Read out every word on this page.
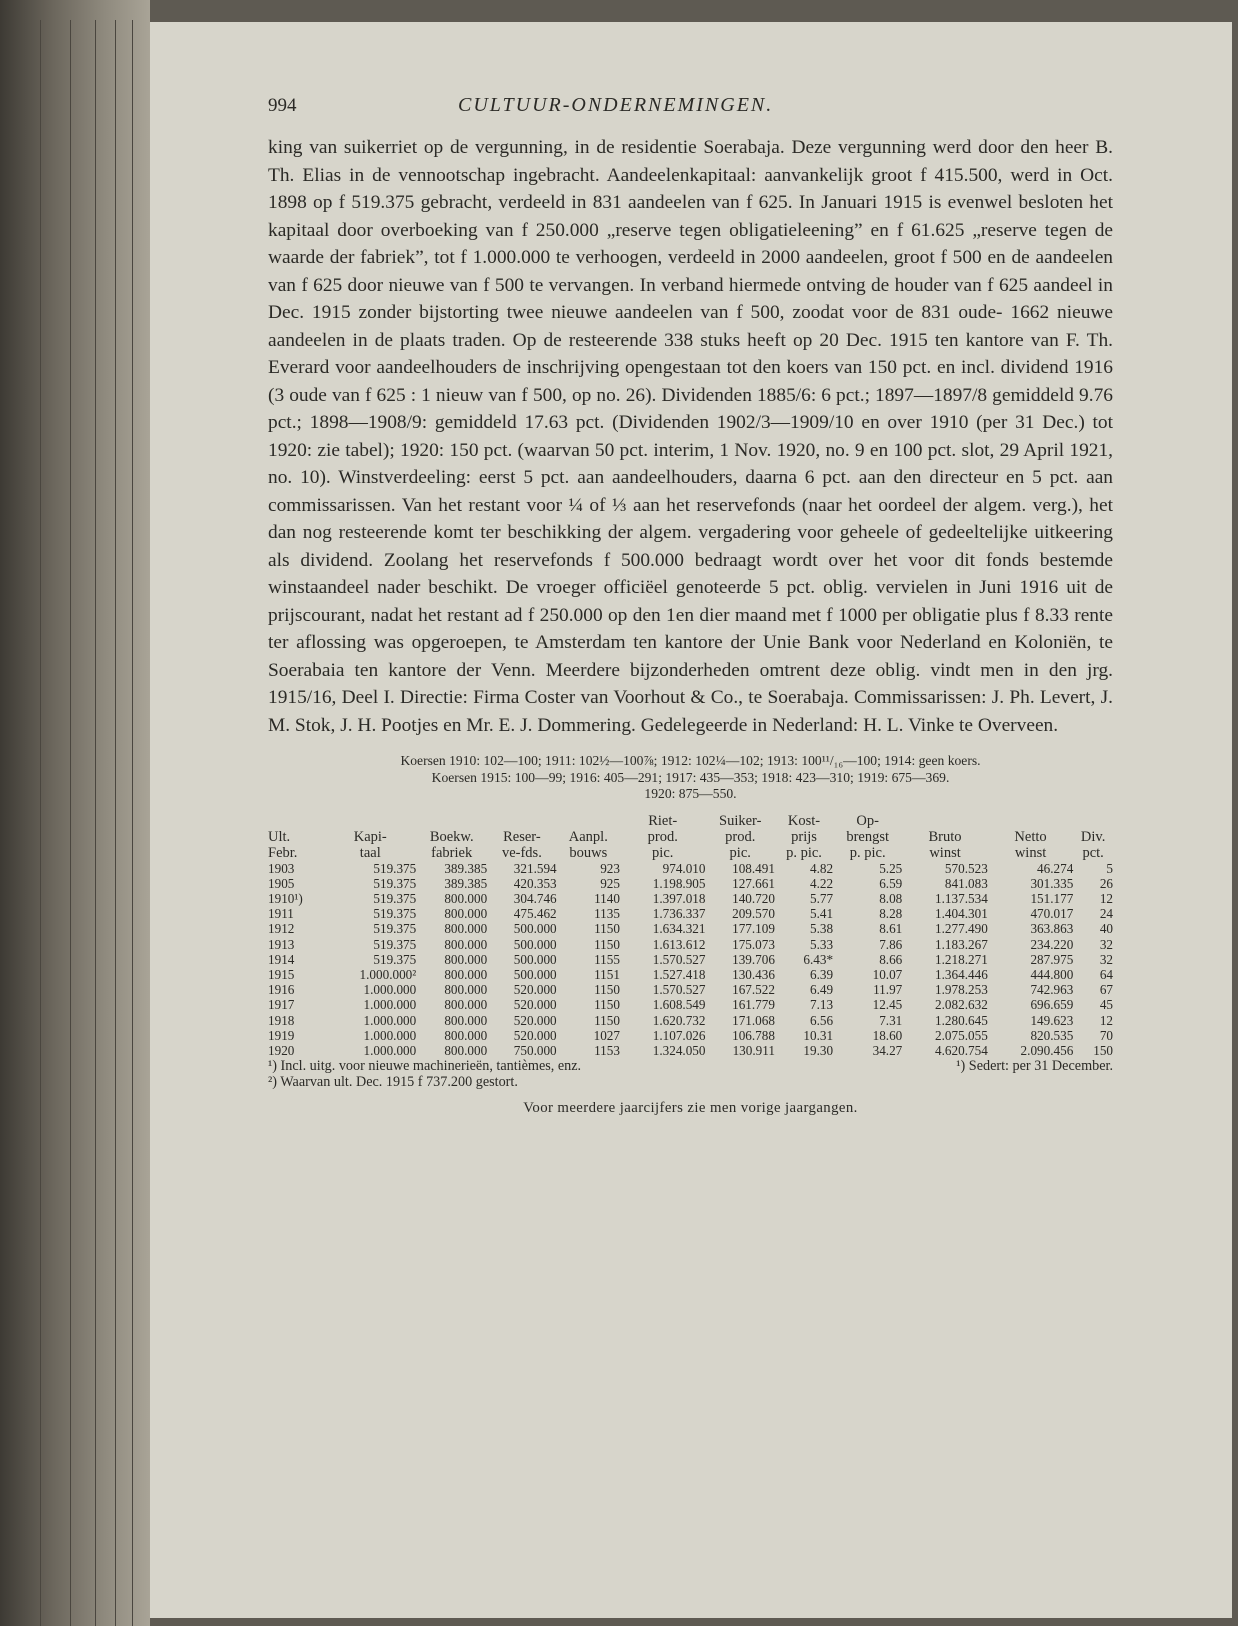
994	CULTUUR-ONDERNEMINGEN.

king van suikerriet op de vergunning, in de residentie Soerabaja. Deze vergunning werd door den heer B. Th. Elias in de vennootschap ingebracht. Aandeelenkapitaal: aanvankelijk groot f 415.500, werd in Oct. 1898 op f 519.375 gebracht, verdeeld in 831 aandeelen van f 625. In Januari 1915 is evenwel besloten het kapitaal door overboeking van f 250.000 „reserve tegen obligatieleening” en f 61.625 „reserve tegen de waarde der fabriek”, tot f 1.000.000 te verhoogen, verdeeld in 2000 aandeelen, groot f 500 en de aandeelen van f 625 door nieuwe van f 500 te vervangen. In verband hiermede ontving de houder van f 625 aandeel in Dec. 1915 zonder bijstorting twee nieuwe aandeelen van f 500, zoodat voor de 831 oude- 1662 nieuwe aandeelen in de plaats traden. Op de resteerende 338 stuks heeft op 20 Dec. 1915 ten kantore van F. Th. Everard voor aandeelhouders de inschrijving opengestaan tot den koers van 150 pct. en incl. dividend 1916 (3 oude van f 625 : 1 nieuw van f 500, op no. 26). Dividenden 1885/6: 6 pct.; 1897—1897/8 gemiddeld 9.76 pct.; 1898—1908/9: gemiddeld 17.63 pct. (Dividenden 1902/3—1909/10 en over 1910 (per 31 Dec.) tot 1920: zie tabel); 1920: 150 pct. (waarvan 50 pct. interim, 1 Nov. 1920, no. 9 en 100 pct. slot, 29 April 1921, no. 10). Winstverdeeling: eerst 5 pct. aan aandeelhouders, daarna 6 pct. aan den directeur en 5 pct. aan commissarissen. Van het restant voor ¼ of ⅓ aan het reservefonds (naar het oordeel der algem. verg.), het dan nog resteerende komt ter beschikking der algem. vergadering voor geheele of gedeeltelijke uitkeering als dividend. Zoolang het reservefonds f 500.000 bedraagt wordt over het voor dit fonds bestemde winstaandeel nader beschikt. De vroeger officiëel genoteerde 5 pct. oblig. vervielen in Juni 1916 uit de prijscourant, nadat het restant ad f 250.000 op den 1en dier maand met f 1000 per obligatie plus f 8.33 rente ter aflossing was opgeroepen, te Amsterdam ten kantore der Unie Bank voor Nederland en Koloniën, te Soerabaia ten kantore der Venn. Meerdere bijzonderheden omtrent deze oblig. vindt men in den jrg. 1915/16, Deel I. Directie: Firma Coster van Voorhout & Co., te Soerabaja. Commissarissen: J. Ph. Levert, J. M. Stok, J. H. Pootjes en Mr. E. J. Dommering. Gedelegeerde in Nederland: H. L. Vinke te Overveen.

Koersen 1910: 102—100; 1911: 102½—100⅞; 1912: 102¼—102; 1913: 100¹¹/₁₆—100; 1914: geen koers.
Koersen 1915: 100—99; 1916: 405—291; 1917: 435—353; 1918: 423—310; 1919: 675—369.
1920: 875—550.
					Riet-	Suiker-	Kost-	Op-			
Ult.	Kapi-	Boekw.	Reser-	Aanpl.	prod.	prod.	prijs	brengst	Bruto	Netto	Div.
Febr.	taal	fabriek	ve-fds.	bouws	pic.	pic.	p. pic.	p. pic.	winst	winst	pct.
1903	519.375	389.385	321.594	923	974.010	108.491	4.82	5.25	570.523	46.274	5
1905	519.375	389.385	420.353	925	1.198.905	127.661	4.22	6.59	841.083	301.335	26
1910¹)	519.375	800.000	304.746	1140	1.397.018	140.720	5.77	8.08	1.137.534	151.177	12
1911	519.375	800.000	475.462	1135	1.736.337	209.570	5.41	8.28	1.404.301	470.017	24
1912	519.375	800.000	500.000	1150	1.634.321	177.109	5.38	8.61	1.277.490	363.863	40
1913	519.375	800.000	500.000	1150	1.613.612	175.073	5.33	7.86	1.183.267	234.220	32
1914	519.375	800.000	500.000	1155	1.570.527	139.706	6.43*	8.66	1.218.271	287.975	32
1915	1.000.000²	800.000	500.000	1151	1.527.418	130.436	6.39	10.07	1.364.446	444.800	64
1916	1.000.000	800.000	520.000	1150	1.570.527	167.522	6.49	11.97	1.978.253	742.963	67
1917	1.000.000	800.000	520.000	1150	1.608.549	161.779	7.13	12.45	2.082.632	696.659	45
1918	1.000.000	800.000	520.000	1150	1.620.732	171.068	6.56	7.31	1.280.645	149.623	12
1919	1.000.000	800.000	520.000	1027	1.107.026	106.788	10.31	18.60	2.075.055	820.535	70
1920	1.000.000	800.000	750.000	1153	1.324.050	130.911	19.30	34.27	4.620.754	2.090.456	150
¹) Incl. uitg. voor nieuwe machinerieën, tantièmes, enz.	¹) Sedert: per 31 December.
²) Waarvan ult. Dec. 1915 f 737.200 gestort.
Voor meerdere jaarcijfers zie men vorige jaargangen.
